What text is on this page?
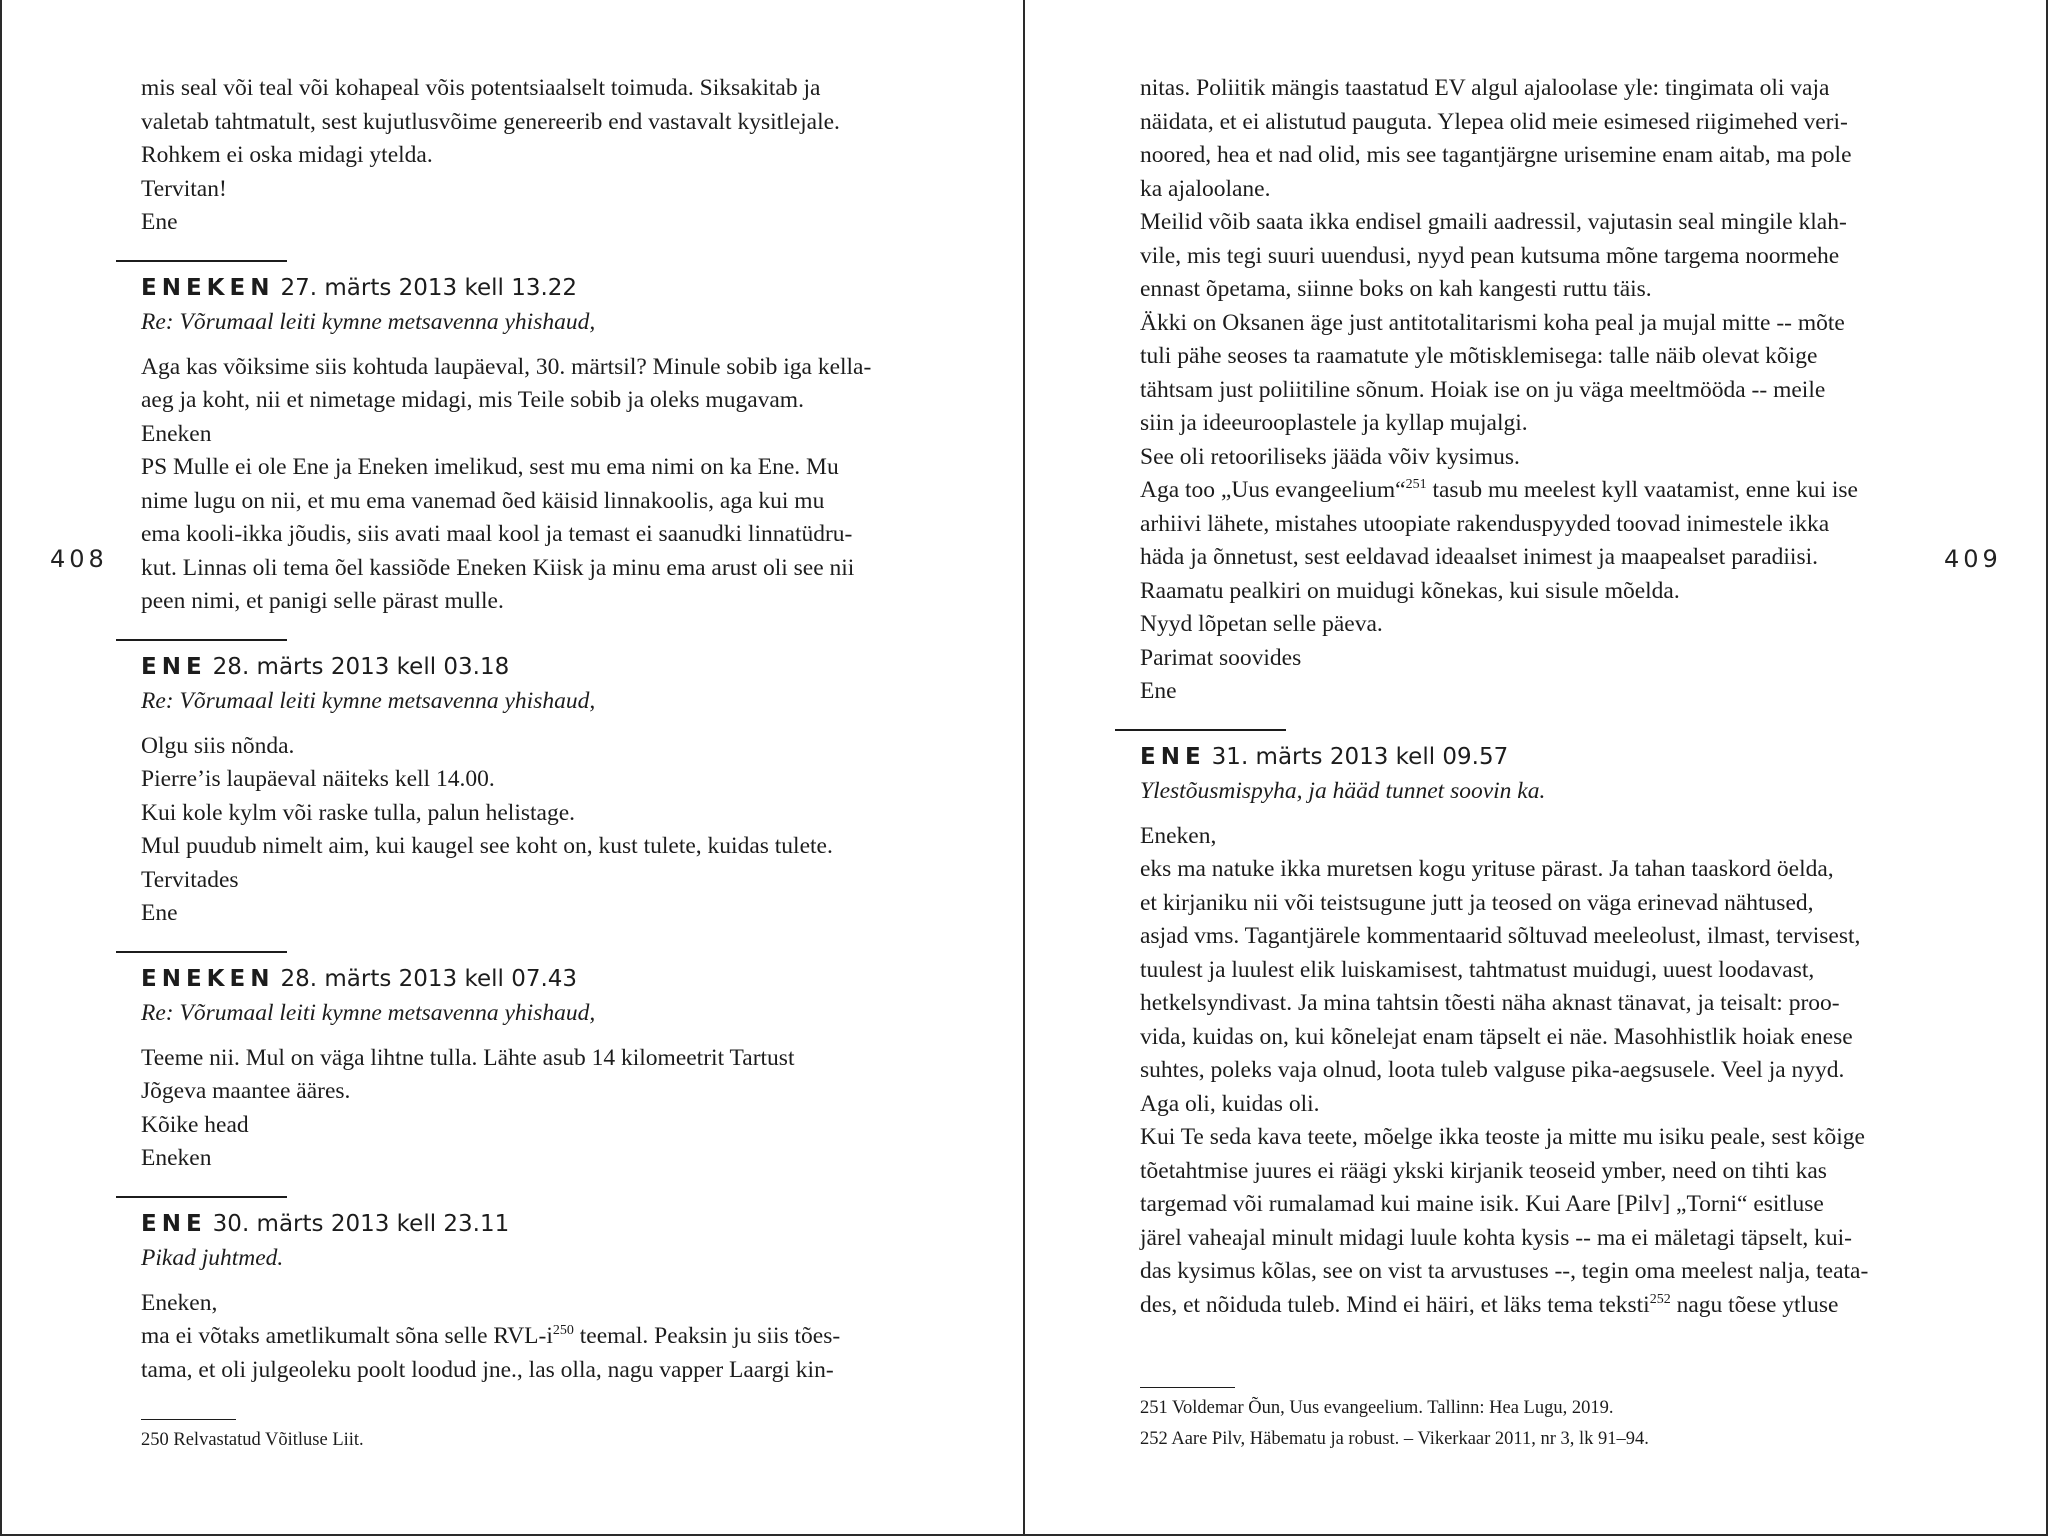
408	409

mis seal või teal või kohapeal võis potentsiaalselt toimuda. Siksakitab ja
valetab tahtmatult, sest kujutlusvõime genereerib end vastavalt kysitlejale.
Rohkem ei oska midagi ytelda.
Tervitan!
Ene

ENEKEN 27. märts 2013 kell 13.22

Re: Võrumaal leiti kymne metsavenna yhishaud,

Aga kas võiksime siis kohtuda laupäeval, 30. märtsil? Minule sobib iga kella-
aeg ja koht, nii et nimetage midagi, mis Teile sobib ja oleks mugavam.
Eneken
PS Mulle ei ole Ene ja Eneken imelikud, sest mu ema nimi on ka Ene. Mu
nime lugu on nii, et mu ema vanemad õed käisid linnakoolis, aga kui mu
ema kooli-ikka jõudis, siis avati maal kool ja temast ei saanudki linnatüdru-
kut. Linnas oli tema õel kassiõde Eneken Kiisk ja minu ema arust oli see nii
peen nimi, et panigi selle pärast mulle.

ENE 28. märts 2013 kell 03.18

Re: Võrumaal leiti kymne metsavenna yhishaud,

Olgu siis nõnda.
Pierre’is laupäeval näiteks kell 14.00.
Kui kole kylm või raske tulla, palun helistage.
Mul puudub nimelt aim, kui kaugel see koht on, kust tulete, kuidas tulete.
Tervitades
Ene

ENEKEN 28. märts 2013 kell 07.43

Re: Võrumaal leiti kymne metsavenna yhishaud,

Teeme nii. Mul on väga lihtne tulla. Lähte asub 14 kilomeetrit Tartust
Jõgeva maantee ääres.
Kõike head
Eneken

ENE 30. märts 2013 kell 23.11

Pikad juhtmed.

Eneken,
ma ei võtaks ametlikumalt sõna selle RVL-$i^{250}$ teemal. Peaksin ju siis tões-
tama, et oli julgeoleku poolt loodud jne., las olla, nagu vapper Laargi kin-

250 Relvastatud Võitluse Liit.

nitas. Poliitik mängis taastatud EV algul ajaloolase yle: tingimata oli vaja
näidata, et ei alistutud pauguta. Ylepea olid meie esimesed riigimehed veri-
noored, hea et nad olid, mis see tagantjärgne urisemine enam aitab, ma pole
ka ajaloolane.
Meilid võib saata ikka endisel gmaili aadressil, vajutasin seal mingile klah-
vile, mis tegi suuri uuendusi, nyyd pean kutsuma mõne targema noormehe
ennast õpetama, siinne boks on kah kangesti ruttu täis.
Äkki on Oksanen äge just antitotalitarismi koha peal ja mujal mitte -- mõte
tuli pähe seoses ta raamatute yle mõtisklemisega: talle näib olevat kõige
tähtsam just poliitiline sõnum. Hoiak ise on ju väga meeltmööda -- meile
siin ja ideeurooplastele ja kyllap mujalgi.
See oli retooriliseks jääda võiv kysimus.
Aga too „Uus evangeelium“$^{251}$ tasub mu meelest kyll vaatamist, enne kui ise
arhiivi lähete, mistahes utoopiate rakenduspyyded toovad inimestele ikka
häda ja õnnetust, sest eeldavad ideaalset inimest ja maapealset paradiisi.
Raamatu pealkiri on muidugi kõnekas, kui sisule mõelda.
Nyyd lõpetan selle päeva.
Parimat soovides
Ene

ENE 31. märts 2013 kell 09.57

Ylestõusmispyha, ja hääd tunnet soovin ka.

Eneken,
eks ma natuke ikka muretsen kogu yrituse pärast. Ja tahan taaskord öelda,
et kirjaniku nii või teistsugune jutt ja teosed on väga erinevad nähtused,
asjad vms. Tagantjärele kommentaarid sõltuvad meeleolust, ilmast, tervisest,
tuulest ja luulest elik luiskamisest, tahtmatust muidugi, uuest loodavast,
hetkelsyndivast. Ja mina tahtsin tõesti näha aknast tänavat, ja teisalt: proo-
vida, kuidas on, kui kõnelejat enam täpselt ei näe. Masohhistlik hoiak enese
suhtes, poleks vaja olnud, loota tuleb valguse pika-aegsusele. Veel ja nyyd.
Aga oli, kuidas oli.
Kui Te seda kava teete, mõelge ikka teoste ja mitte mu isiku peale, sest kõige
tõetahtmise juures ei räägi ykski kirjanik teoseid ymber, need on tihti kas
targemad või rumalamad kui maine isik. Kui Aare [Pilv] „Torni“ esitluse
järel vaheajal minult midagi luule kohta kysis -- ma ei mäletagi täpselt, kui-
das kysimus kõlas, see on vist ta arvustuses --, tegin oma meelest nalja, teata-
des, et nõiduda tuleb. Mind ei häiri, et läks tema teksti$^{252}$ nagu tõese ytluse

251 Voldemar Õun, Uus evangeelium. Tallinn: Hea Lugu, 2019.
252 Aare Pilv, Häbematu ja robust. – Vikerkaar 2011, nr 3, lk 91–94.
